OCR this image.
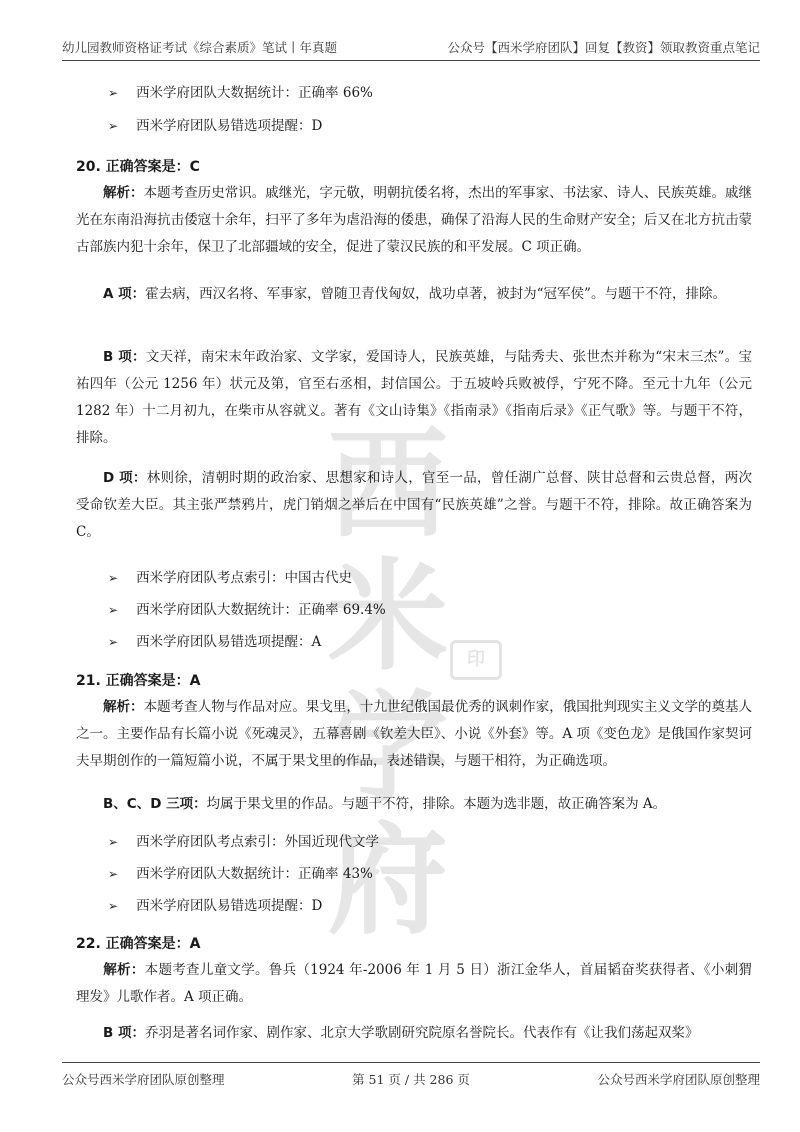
幼儿园教师资格证考试《综合素质》笔试丨年真题	公众号【西米学府团队】回复【教资】领取教资重点笔记
西米学府
印
➢ 西米学府团队大数据统计：正确率 66%
➢ 西米学府团队易错选项提醒：D
20. 正确答案是：C
解析：本题考查历史常识。戚继光，字元敬，明朝抗倭名将，杰出的军事家、书法家、诗人、民族英雄。戚继光在东南沿海抗击倭寇十余年，扫平了多年为虐沿海的倭患，确保了沿海人民的生命财产安全；后又在北方抗击蒙古部族内犯十余年，保卫了北部疆域的安全，促进了蒙汉民族的和平发展。C 项正确。
A 项：霍去病，西汉名将、军事家，曾随卫青伐匈奴，战功卓著，被封为“冠军侯”。与题干不符，排除。
B 项：文天祥，南宋末年政治家、文学家，爱国诗人，民族英雄，与陆秀夫、张世杰并称为“宋末三杰”。宝祐四年（公元 1256 年）状元及第，官至右丞相，封信国公。于五坡岭兵败被俘，宁死不降。至元十九年（公元 1282 年）十二月初九，在柴市从容就义。著有《文山诗集》《指南录》《指南后录》《正气歌》等。与题干不符，排除。
D 项：林则徐，清朝时期的政治家、思想家和诗人，官至一品，曾任湖广总督、陕甘总督和云贵总督，两次受命钦差大臣。其主张严禁鸦片，虎门销烟之举后在中国有“民族英雄”之誉。与题干不符，排除。故正确答案为 C。
➢ 西米学府团队考点索引：中国古代史
➢ 西米学府团队大数据统计：正确率 69.4%
➢ 西米学府团队易错选项提醒：A
21. 正确答案是：A
解析：本题考查人物与作品对应。果戈里，十九世纪俄国最优秀的讽刺作家，俄国批判现实主义文学的奠基人之一。主要作品有长篇小说《死魂灵》，五幕喜剧《钦差大臣》、小说《外套》等。A 项《变色龙》是俄国作家契诃夫早期创作的一篇短篇小说，不属于果戈里的作品，表述错误，与题干相符，为正确选项。
B、C、D 三项：均属于果戈里的作品。与题干不符，排除。本题为选非题，故正确答案为 A。
➢ 西米学府团队考点索引：外国近现代文学
➢ 西米学府团队大数据统计：正确率 43%
➢ 西米学府团队易错选项提醒：D
22. 正确答案是：A
解析：本题考查儿童文学。鲁兵（1924 年-2006 年 1 月 5 日）浙江金华人，首届韬奋奖获得者、《小刺猬理发》儿歌作者。A 项正确。
B 项：乔羽是著名词作家、剧作家、北京大学歌剧研究院原名誉院长。代表作有《让我们荡起双桨》
公众号西米学府团队原创整理	第 51 页 / 共 286 页	公众号西米学府团队原创整理
